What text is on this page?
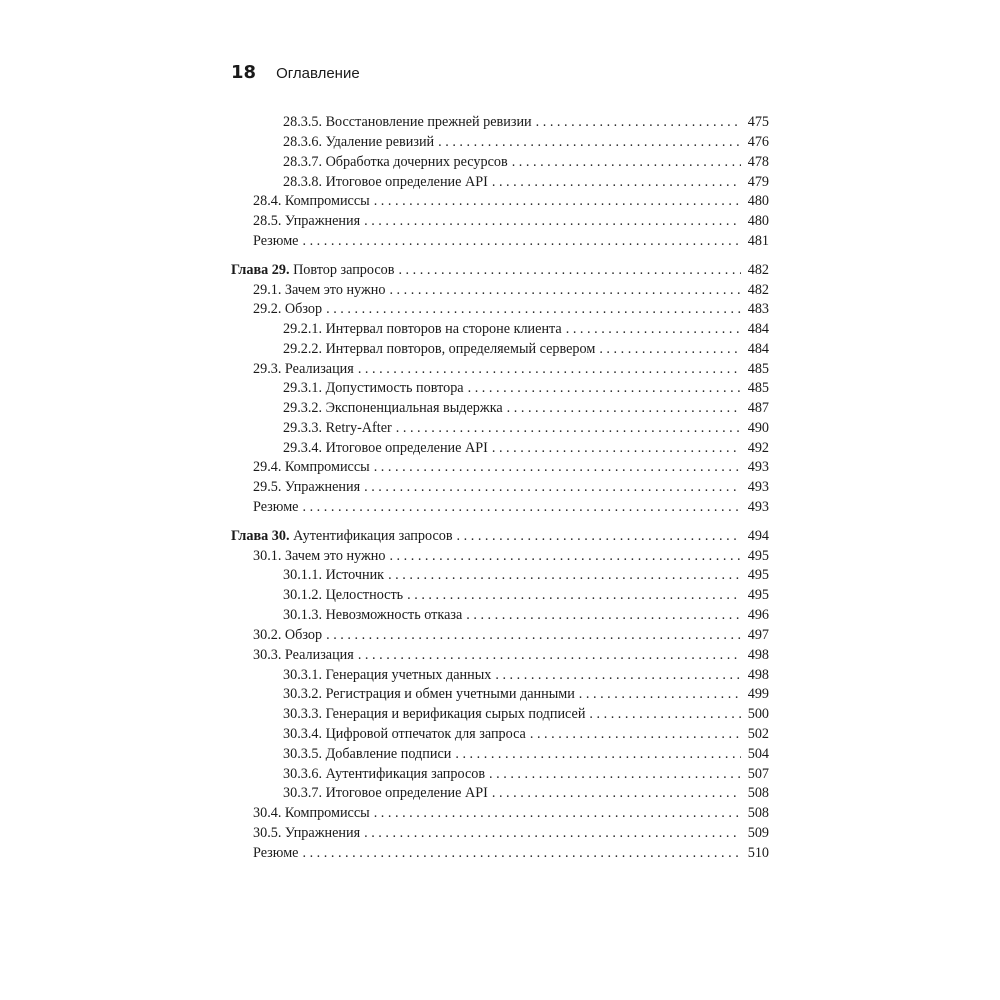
18 Оглавление
28.3.5. Восстановление прежней ревизии . . .	475
28.3.6. Удаление ревизий . . .	476
28.3.7. Обработка дочерних ресурсов . . .	478
28.3.8. Итоговое определение API . . .	479
28.4. Компромиссы . . .	480
28.5. Упражнения . . .	480
Резюме . . .	481
Глава 29. Повтор запросов . . .	482
29.1. Зачем это нужно . . .	482
29.2. Обзор . . .	483
29.2.1. Интервал повторов на стороне клиента . . .	484
29.2.2. Интервал повторов, определяемый сервером . . .	484
29.3. Реализация . . .	485
29.3.1. Допустимость повтора . . .	485
29.3.2. Экспоненциальная выдержка . . .	487
29.3.3. Retry-After . . .	490
29.3.4. Итоговое определение API . . .	492
29.4. Компромиссы . . .	493
29.5. Упражнения . . .	493
Резюме . . .	493
Глава 30. Аутентификация запросов . . .	494
30.1. Зачем это нужно . . .	495
30.1.1. Источник . . .	495
30.1.2. Целостность . . .	495
30.1.3. Невозможность отказа . . .	496
30.2. Обзор . . .	497
30.3. Реализация . . .	498
30.3.1. Генерация учетных данных . . .	498
30.3.2. Регистрация и обмен учетными данными . . .	499
30.3.3. Генерация и верификация сырых подписей . . .	500
30.3.4. Цифровой отпечаток для запроса . . .	502
30.3.5. Добавление подписи . . .	504
30.3.6. Аутентификация запросов . . .	507
30.3.7. Итоговое определение API . . .	508
30.4. Компромиссы . . .	508
30.5. Упражнения . . .	509
Резюме . . .	510
